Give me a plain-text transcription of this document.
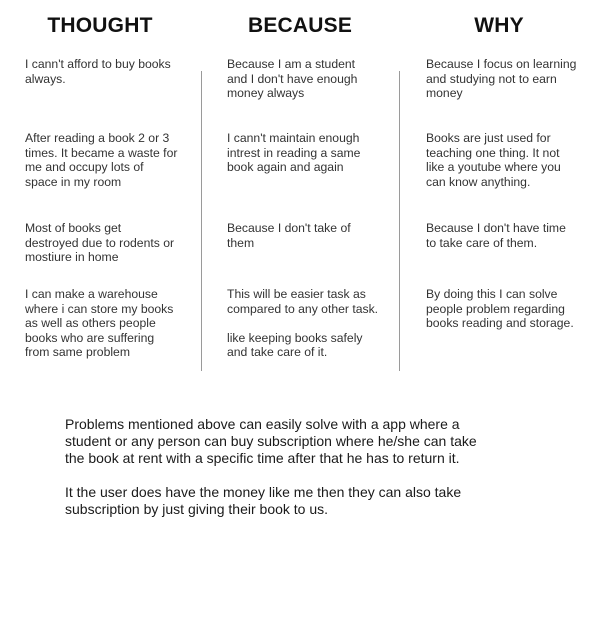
THOUGHT	BECAUSE	WHY
I cann't afford to buy books
always.
Because I am a student
and I don't have enough
money always
Because I focus on learning
and studying not to earn
money
After reading a book 2 or 3
times. It became a waste for
me and occupy lots of
space in my room
I cann't maintain enough
intrest in reading a same
book again and again
Books are just used for
teaching one thing. It not
like a youtube where you
can know anything.
Most of books get
destroyed due to rodents or
mostiure in home
Because I don't take of
them
Because I don't have time
to take care of them.
I can make a warehouse
where i can store my books
as well as others people
books who are suffering
from same problem
This will be easier task as
compared to any other task.

like keeping books safely
and take care of it.
By doing this I can solve
people problem regarding
books reading and storage.
Problems mentioned above can easily solve with a app where a
student or any person can buy subscription where he/she can take
the book at rent with a specific time after that he has to return it.
It the user does have the money like me then they can also take
subscription by just giving their book to us.
